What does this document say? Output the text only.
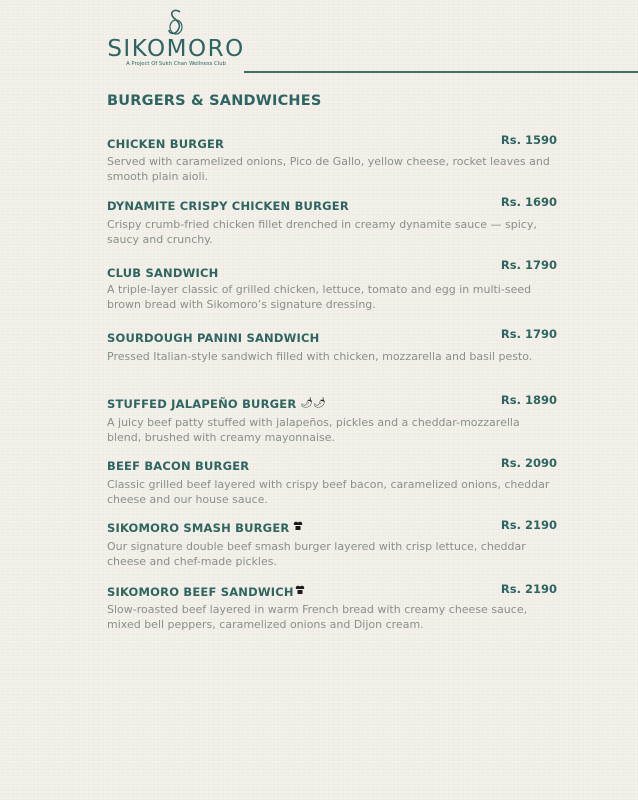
SIKOMORO
A Project Of Sukh Chan Wellness Club
BURGERS & SANDWICHES
CHICKEN BURGER	Rs. 1590
Served with caramelized onions, Pico de Gallo, yellow cheese, rocket leaves and smooth plain aioli.
DYNAMITE CRISPY CHICKEN BURGER	Rs. 1690
Crispy crumb-fried chicken fillet drenched in creamy dynamite sauce — spicy, saucy and crunchy.
CLUB SANDWICH
Rs. 1790
A triple-layer classic of grilled chicken, lettuce, tomato and egg in multi-seed brown bread with Sikomoro’s signature dressing.
SOURDOUGH PANINI SANDWICH	Rs. 1790
Pressed Italian-style sandwich filled with chicken, mozzarella and basil pesto.
STUFFED JALAPEÑO BURGER 🌶🌶	Rs. 1890
A juicy beef patty stuffed with jalapeños, pickles and a cheddar-mozzarella blend, brushed with creamy mayonnaise.
BEEF BACON BURGER	Rs. 2090
Classic grilled beef layered with crispy beef bacon, caramelized onions, cheddar cheese and our house sauce.
SIKOMORO SMASH BURGER	Rs. 2190
Our signature double beef smash burger layered with crisp lettuce, cheddar cheese and chef-made pickles.
SIKOMORO BEEF SANDWICH	Rs. 2190
Slow-roasted beef layered in warm French bread with creamy cheese sauce, mixed bell peppers, caramelized onions and Dijon cream.
